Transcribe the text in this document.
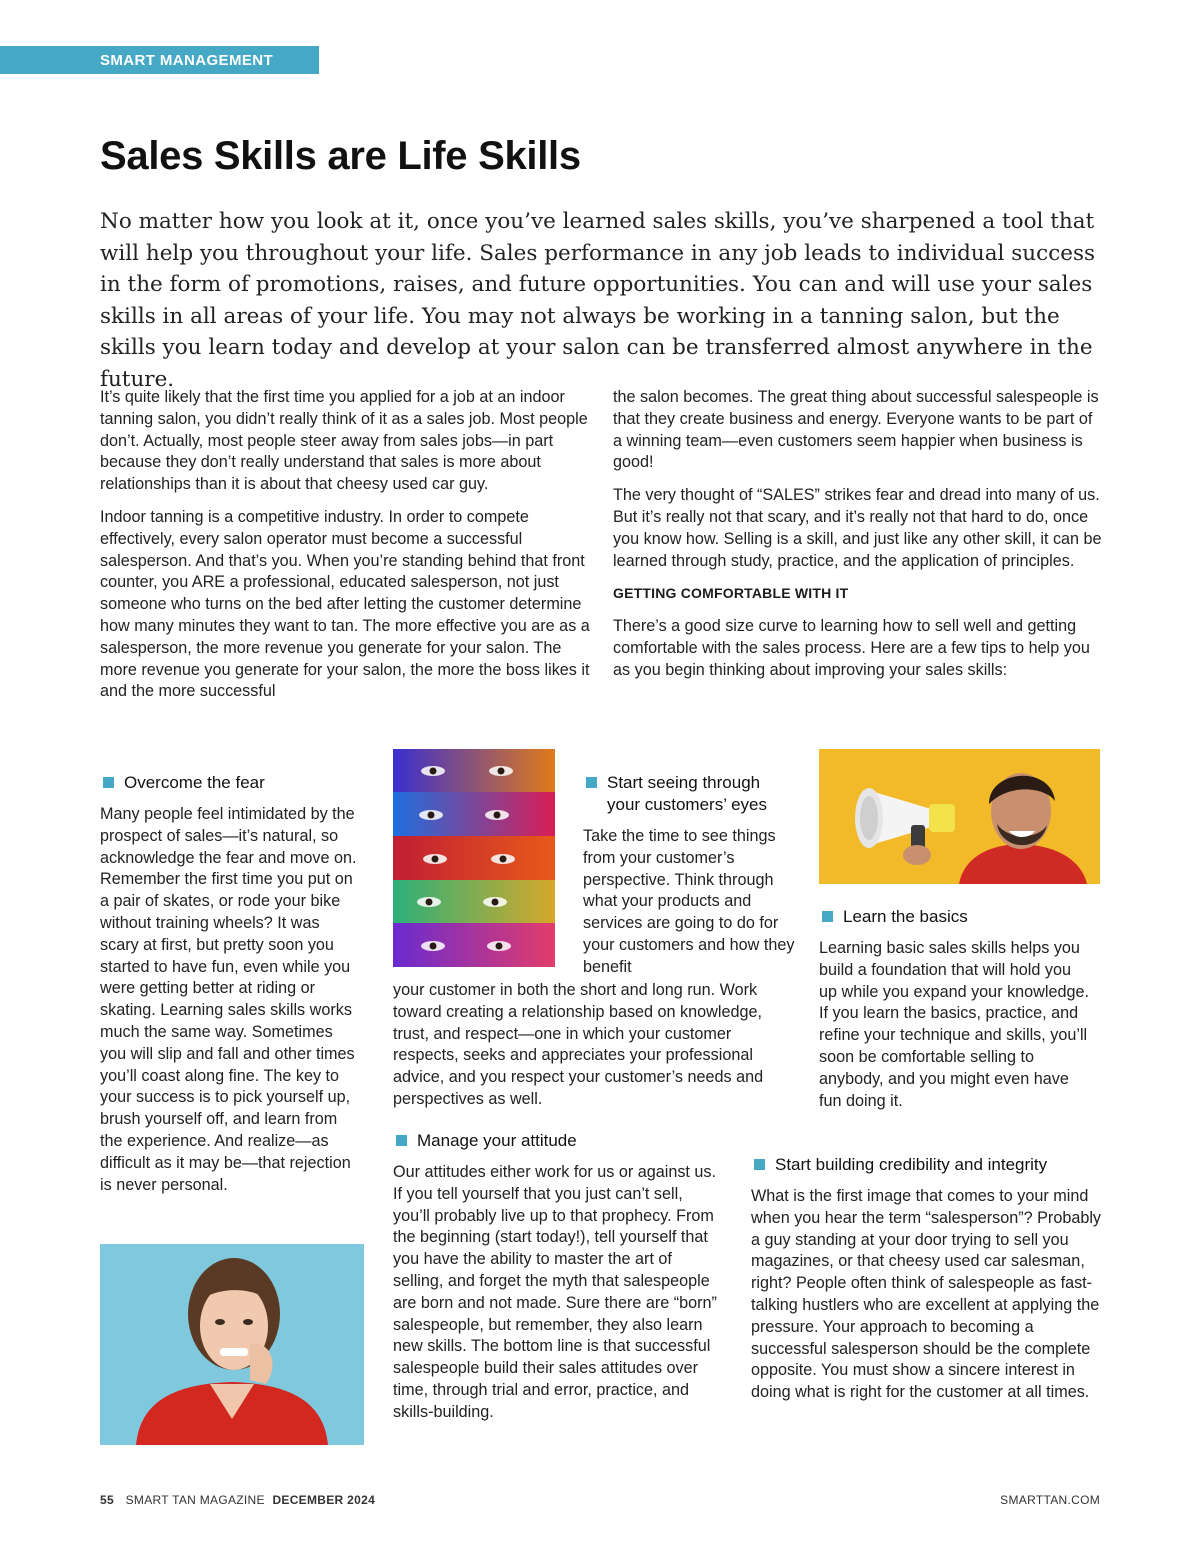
SMART MANAGEMENT
Sales Skills are Life Skills

No matter how you look at it, once you’ve learned sales skills, you’ve sharpened a tool that will help you throughout your life. Sales performance in any job leads to individual success in the form of promotions, raises, and future opportunities. You can and will use your sales skills in all areas of your life. You may not always be working in a tanning salon, but the skills you learn today and develop at your salon can be transferred almost anywhere in the future.

It’s quite likely that the first time you applied for a job at an indoor tanning salon, you didn’t really think of it as a sales job. Most people don’t. Actually, most people steer away from sales jobs—in part because they don’t really understand that sales is more about relationships than it is about that cheesy used car guy.

Indoor tanning is a competitive industry. In order to compete effectively, every salon operator must become a successful salesperson. And that’s you. When you’re standing behind that front counter, you ARE a professional, educated salesperson, not just someone who turns on the bed after letting the customer determine how many minutes they want to tan. The more effective you are as a salesperson, the more revenue you generate for your salon. The more revenue you generate for your salon, the more the boss likes it and the more successful

the salon becomes. The great thing about successful salespeople is that they create business and energy. Everyone wants to be part of a winning team—even customers seem happier when business is good!

The very thought of “SALES” strikes fear and dread into many of us. But it’s really not that scary, and it’s really not that hard to do, once you know how. Selling is a skill, and just like any other skill, it can be learned through study, practice, and the application of principles.

GETTING COMFORTABLE WITH IT

There’s a good size curve to learning how to sell well and getting comfortable with the sales process. Here are a few tips to help you as you begin thinking about improving your sales skills:

Overcome the fear

Many people feel intimidated by the prospect of sales—it’s natural, so acknowledge the fear and move on. Remember the first time you put on a pair of skates, or rode your bike without training wheels? It was scary at first, but pretty soon you started to have fun, even while you were getting better at riding or skating. Learning sales skills works much the same way. Sometimes you will slip and fall and other times you’ll coast along fine. The key to your success is to pick yourself up, brush yourself off, and learn from the experience. And realize—as difficult as it may be—that rejection is never personal.

Start seeing through your customers’ eyes

Take the time to see things from your customer’s perspective. Think through what your products and services are going to do for your customers and how they benefit

your customer in both the short and long run. Work toward creating a relationship based on knowledge, trust, and respect—one in which your customer respects, seeks and appreciates your professional advice, and you respect your customer’s needs and perspectives as well.

Manage your attitude

Our attitudes either work for us or against us. If you tell yourself that you just can’t sell, you’ll probably live up to that prophecy. From the beginning (start today!), tell yourself that you have the ability to master the art of selling, and forget the myth that salespeople are born and not made. Sure there are “born” salespeople, but remember, they also learn new skills. The bottom line is that successful salespeople build their sales attitudes over time, through trial and error, practice, and skills-building.

Learn the basics

Learning basic sales skills helps you build a foundation that will hold you up while you expand your knowledge. If you learn the basics, practice, and refine your technique and skills, you’ll soon be comfortable selling to anybody, and you might even have fun doing it.

Start building credibility and integrity

What is the first image that comes to your mind when you hear the term “salesperson”? Probably a guy standing at your door trying to sell you magazines, or that cheesy used car salesman, right? People often think of salespeople as fast-talking hustlers who are excellent at applying the pressure. Your approach to becoming a successful salesperson should be the complete opposite. You must show a sincere interest in doing what is right for the customer at all times.

55 SMART TAN MAGAZINE DECEMBER 2024	SMARTTAN.COM
